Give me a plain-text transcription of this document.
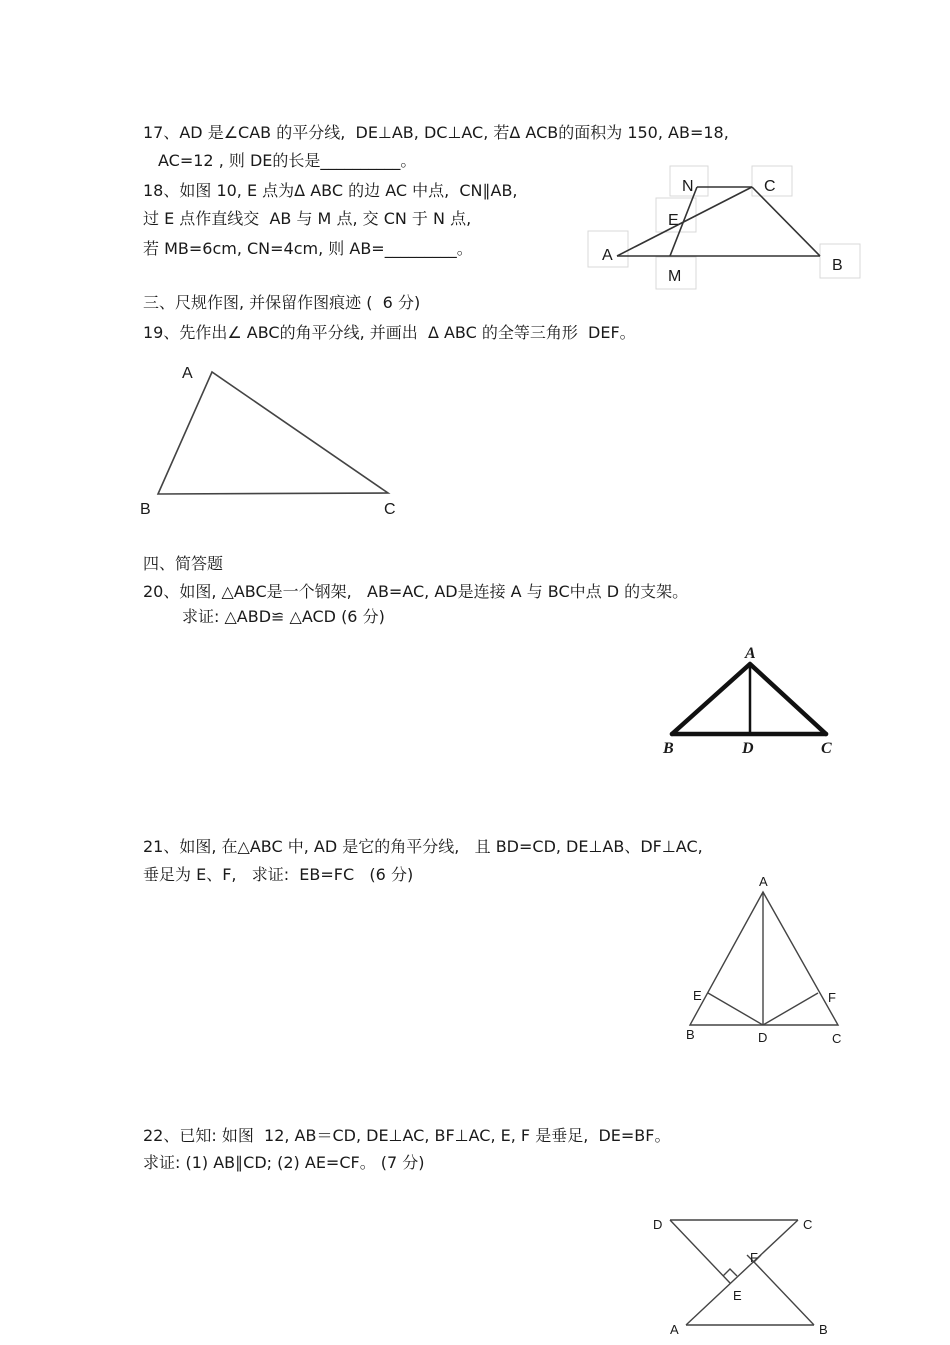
17、AD 是∠CAB 的平分线,  DE⊥AB, DC⊥AC, 若Δ ACB的面积为 150, AB=18,
AC=12 , 则 DE的长是__________。
18、如图 10, E 点为Δ ABC 的边 AC 中点,  CN∥AB,
过 E 点作直线交  AB 与 M 点, 交 CN 于 N 点,
若 MB=6cm, CN=4cm, 则 AB=_________。	A
N	C
E
M
B
三、尺规作图, 并保留作图痕迹 (  6 分)
19、先作出∠ ABC的角平分线, 并画出  Δ ABC 的全等三角形  DEF。
A
B	C
四、简答题
20、如图, △ABC是一个钢架,   AB=AC, AD是连接 A 与 BC中点 D 的支架。
求证: △ABD≌ △ACD (6 分)
A
B	D	C
21、如图, 在△ABC 中, AD 是它的角平分线,   且 BD=CD, DE⊥AB、DF⊥AC,
垂足为 E、F,   求证:  EB=FC   (6 分)	A
E	F
B	D	C
22、已知: 如图  12, AB＝CD, DE⊥AC, BF⊥AC, E, F 是垂足,  DE=BF。
求证: (1) AB∥CD; (2) AE=CF。 (7 分)
D	C
F
E
A	B
